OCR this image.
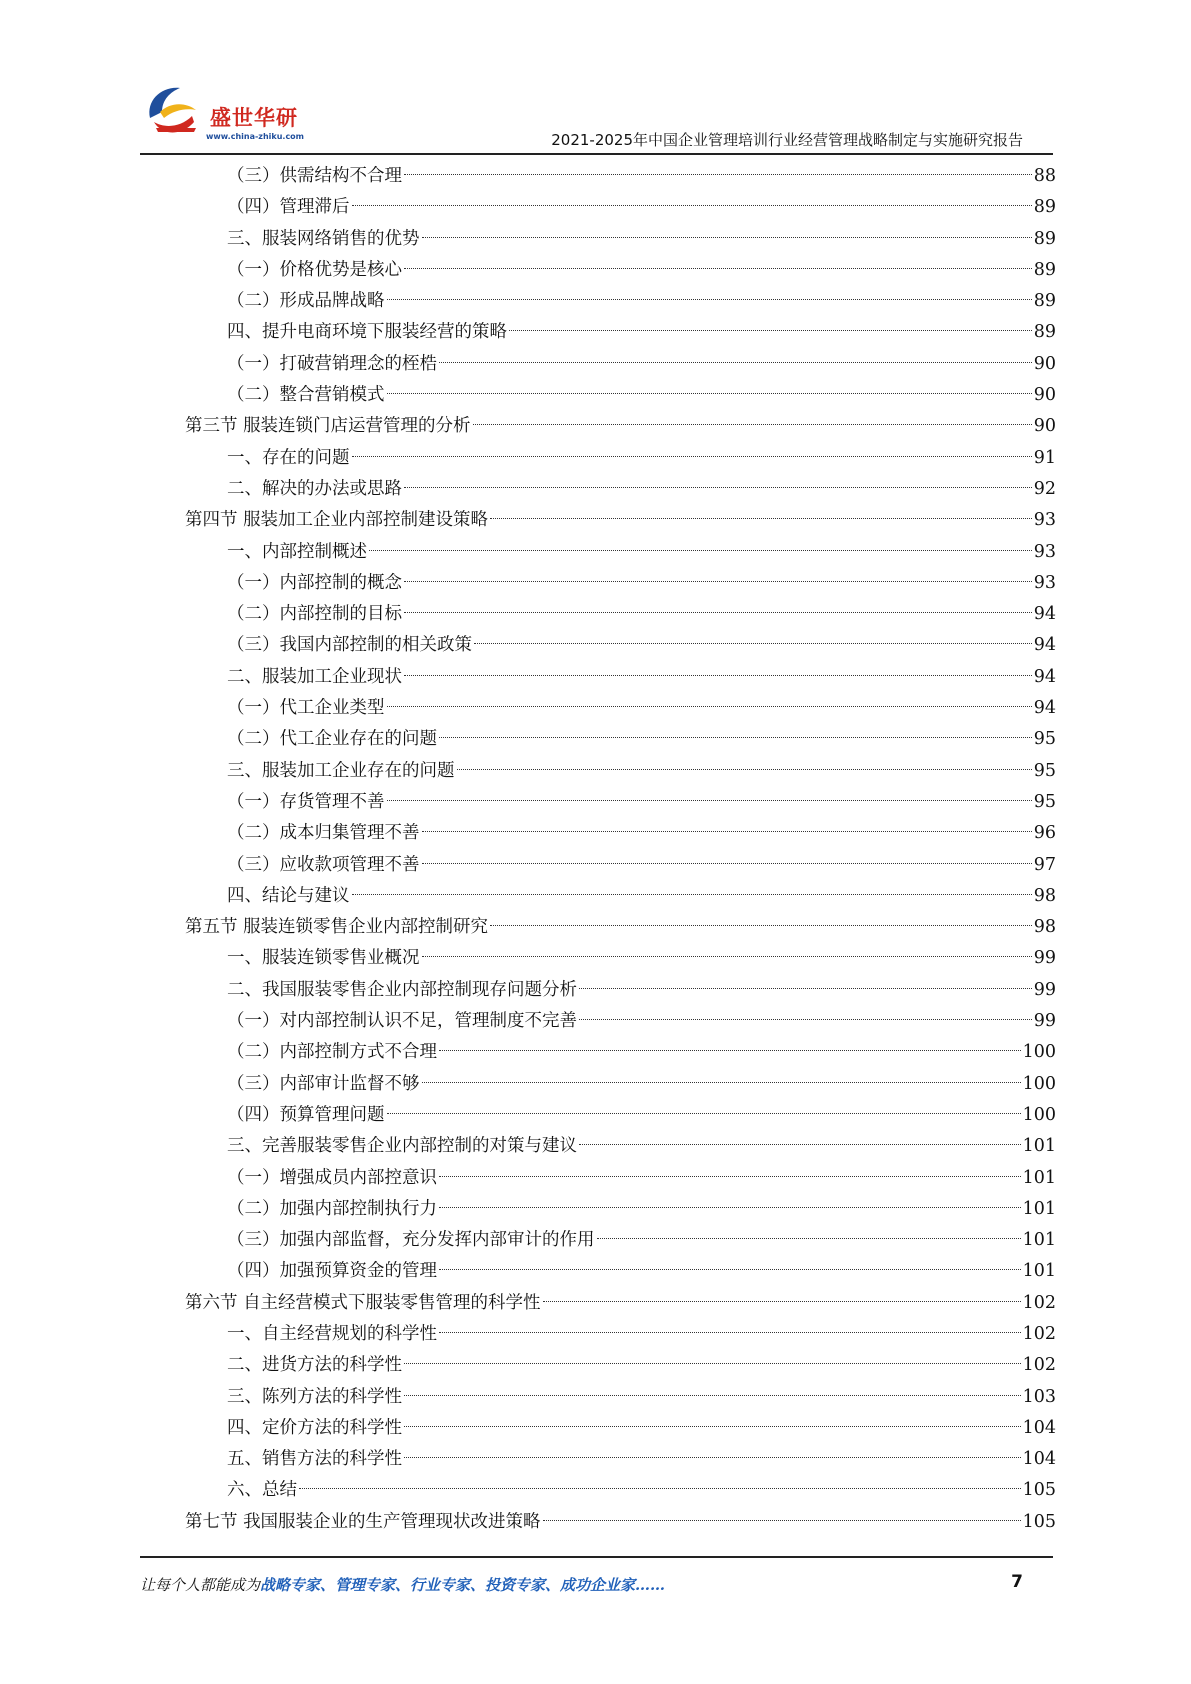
盛世华研
www.china-zhiku.com	2021-2025年中国企业管理培训行业经营管理战略制定与实施研究报告
（三）供需结构不合理	88
（四）管理滞后	89
三、服装网络销售的优势	89
（一）价格优势是核心	89
（二）形成品牌战略	89
四、提升电商环境下服装经营的策略	89
（一）打破营销理念的桎梏	90
（二）整合营销模式	90
第三节 服装连锁门店运营管理的分析	90
一、存在的问题	91
二、解决的办法或思路	92
第四节 服装加工企业内部控制建设策略	93
一、内部控制概述	93
（一）内部控制的概念	93
（二）内部控制的目标	94
（三）我国内部控制的相关政策	94
二、服装加工企业现状	94
（一）代工企业类型	94
（二）代工企业存在的问题	95
三、服装加工企业存在的问题	95
（一）存货管理不善	95
（二）成本归集管理不善	96
（三）应收款项管理不善	97
四、结论与建议	98
第五节 服装连锁零售企业内部控制研究	98
一、服装连锁零售业概况	99
二、我国服装零售企业内部控制现存问题分析	99
（一）对内部控制认识不足，管理制度不完善	99
（二）内部控制方式不合理	100
（三）内部审计监督不够	100
（四）预算管理问题	100
三、完善服装零售企业内部控制的对策与建议	101
（一）增强成员内部控意识	101
（二）加强内部控制执行力	101
（三）加强内部监督，充分发挥内部审计的作用	101
（四）加强预算资金的管理	101
第六节 自主经营模式下服装零售管理的科学性	102
一、自主经营规划的科学性	102
二、进货方法的科学性	102
三、陈列方法的科学性	103
四、定价方法的科学性	104
五、销售方法的科学性	104
六、总结	105
第七节 我国服装企业的生产管理现状改进策略	105
让每个人都能成为战略专家、管理专家、行业专家、投资专家、成功企业家……	7
